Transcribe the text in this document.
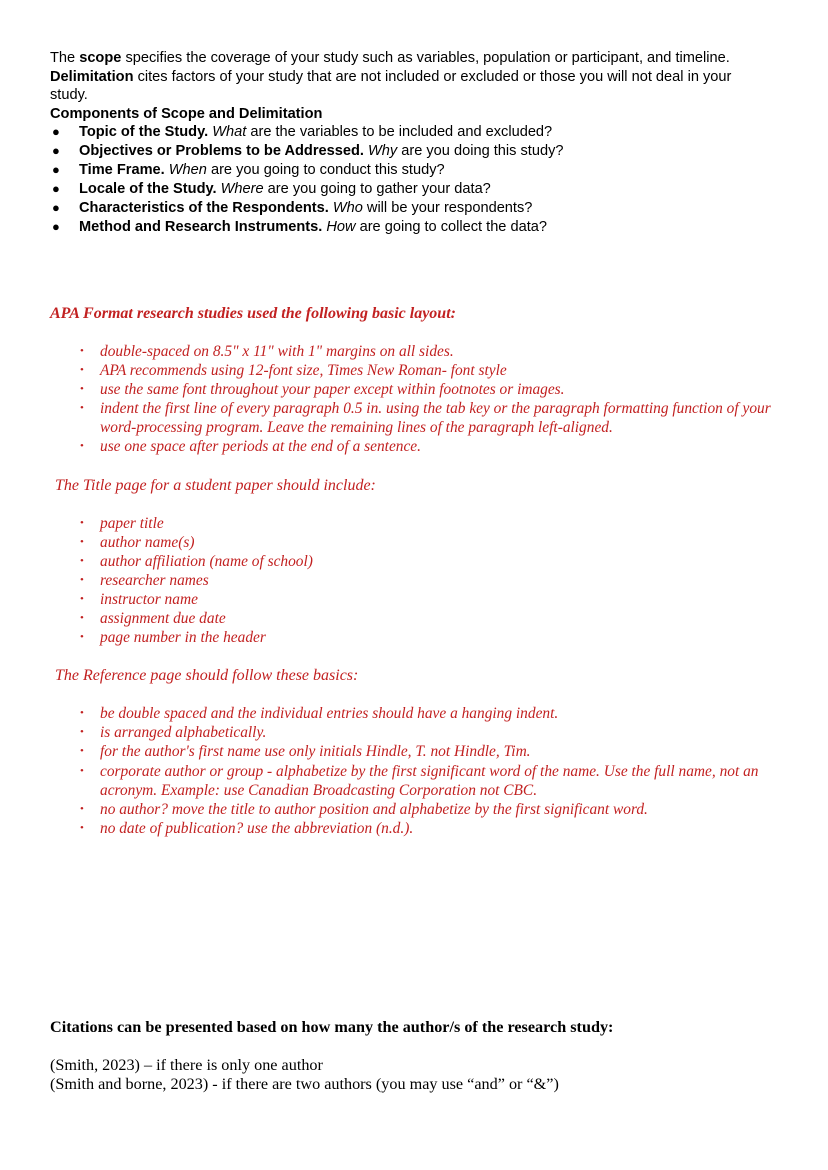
The scope specifies the coverage of your study such as variables, population or participant, and timeline. Delimitation cites factors of your study that are not included or excluded or those you will not deal in your study.

Components of Scope and Delimitation

● Topic of the Study. What are the variables to be included and excluded?
● Objectives or Problems to be Addressed. Why are you doing this study?
● Time Frame. When are you going to conduct this study?
● Locale of the Study. Where are you going to gather your data?
● Characteristics of the Respondents. Who will be your respondents?
● Method and Research Instruments. How are going to collect the data?

APA Format research studies used the following basic layout:

• double-spaced on 8.5" x 11" with 1" margins on all sides.
• APA recommends using 12-font size, Times New Roman- font style
• use the same font throughout your paper except within footnotes or images.
• indent the first line of every paragraph 0.5 in. using the tab key or the paragraph formatting function of your word-processing program. Leave the remaining lines of the paragraph left-aligned.
• use one space after periods at the end of a sentence.

The Title page for a student paper should include:

• paper title
• author name(s)
• author affiliation (name of school)
• researcher names
• instructor name
• assignment due date
• page number in the header

The Reference page should follow these basics:

• be double spaced and the individual entries should have a hanging indent.
• is arranged alphabetically.
• for the author's first name use only initials Hindle, T. not Hindle, Tim.
• corporate author or group - alphabetize by the first significant word of the name. Use the full name, not an acronym. Example: use Canadian Broadcasting Corporation not CBC.
• no author? move the title to author position and alphabetize by the first significant word.
• no date of publication? use the abbreviation (n.d.).

Citations can be presented based on how many the author/s of the research study:

(Smith, 2023) – if there is only one author

(Smith and borne, 2023) - if there are two authors (you may use “and” or “&”)
